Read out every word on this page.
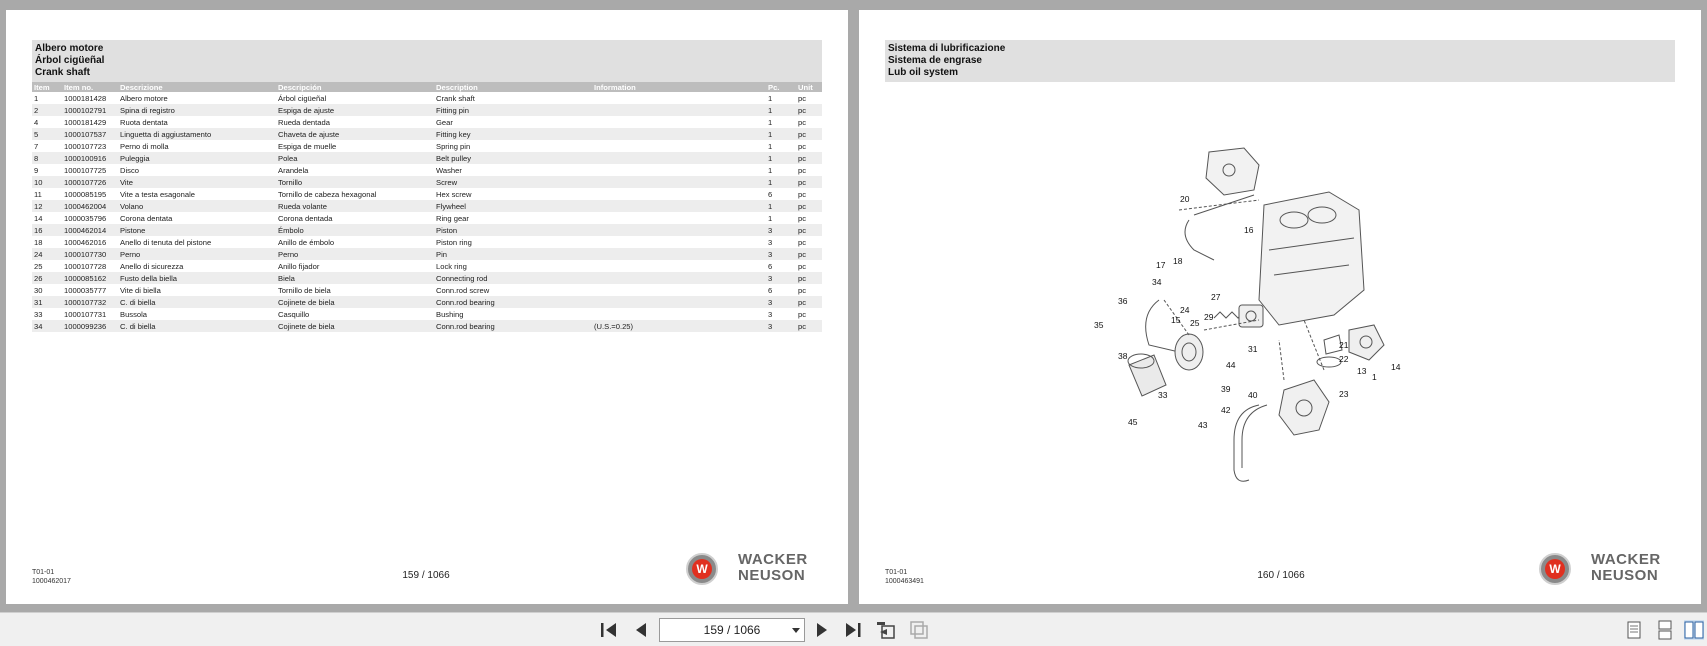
Albero motore
Árbol cigüeñal
Crank shaft
Item	Item no.	Descrizione	Descripción	Description	Information	Pc.	Unit
1	1000181428	Albero motore	Árbol cigüeñal	Crank shaft		1	pc
2	1000102791	Spina di registro	Espiga de ajuste	Fitting pin		1	pc
4	1000181429	Ruota dentata	Rueda dentada	Gear		1	pc
5	1000107537	Linguetta di aggiustamento	Chaveta de ajuste	Fitting key		1	pc
7	1000107723	Perno di molla	Espiga de muelle	Spring pin		1	pc
8	1000100916	Puleggia	Polea	Belt pulley		1	pc
9	1000107725	Disco	Arandela	Washer		1	pc
10	1000107726	Vite	Tornillo	Screw		1	pc
11	1000085195	Vite a testa esagonale	Tornillo de cabeza hexagonal	Hex screw		6	pc
12	1000462004	Volano	Rueda volante	Flywheel		1	pc
14	1000035796	Corona dentata	Corona dentada	Ring gear		1	pc
16	1000462014	Pistone	Émbolo	Piston		3	pc
18	1000462016	Anello di tenuta del pistone	Anillo de émbolo	Piston ring		3	pc
24	1000107730	Perno	Perno	Pin		3	pc
25	1000107728	Anello di sicurezza	Anillo fijador	Lock ring		6	pc
26	1000085162	Fusto della biella	Biela	Connecting rod		3	pc
30	1000035777	Vite di biella	Tornillo de biela	Conn.rod screw		6	pc
31	1000107732	C. di biella	Cojinete de biela	Conn.rod bearing		3	pc
33	1000107731	Bussola	Casquillo	Bushing		3	pc
34	1000099236	C. di biella	Cojinete de biela	Conn.rod bearing	(U.S.=0.25)	3	pc
T01-01
1000462017
159 / 1066	W
WACKER
NEUSON
Sistema di lubrificazione
Sistema de engrase
Lub oil system
20
16
17 18
34
36
35	15
24
25
27
29
38
31
44
21
22
13
1
14
33	23
39
42
40
45	43
T01-01
1000463491
160 / 1066	W
WACKER
NEUSON
159 / 1066
